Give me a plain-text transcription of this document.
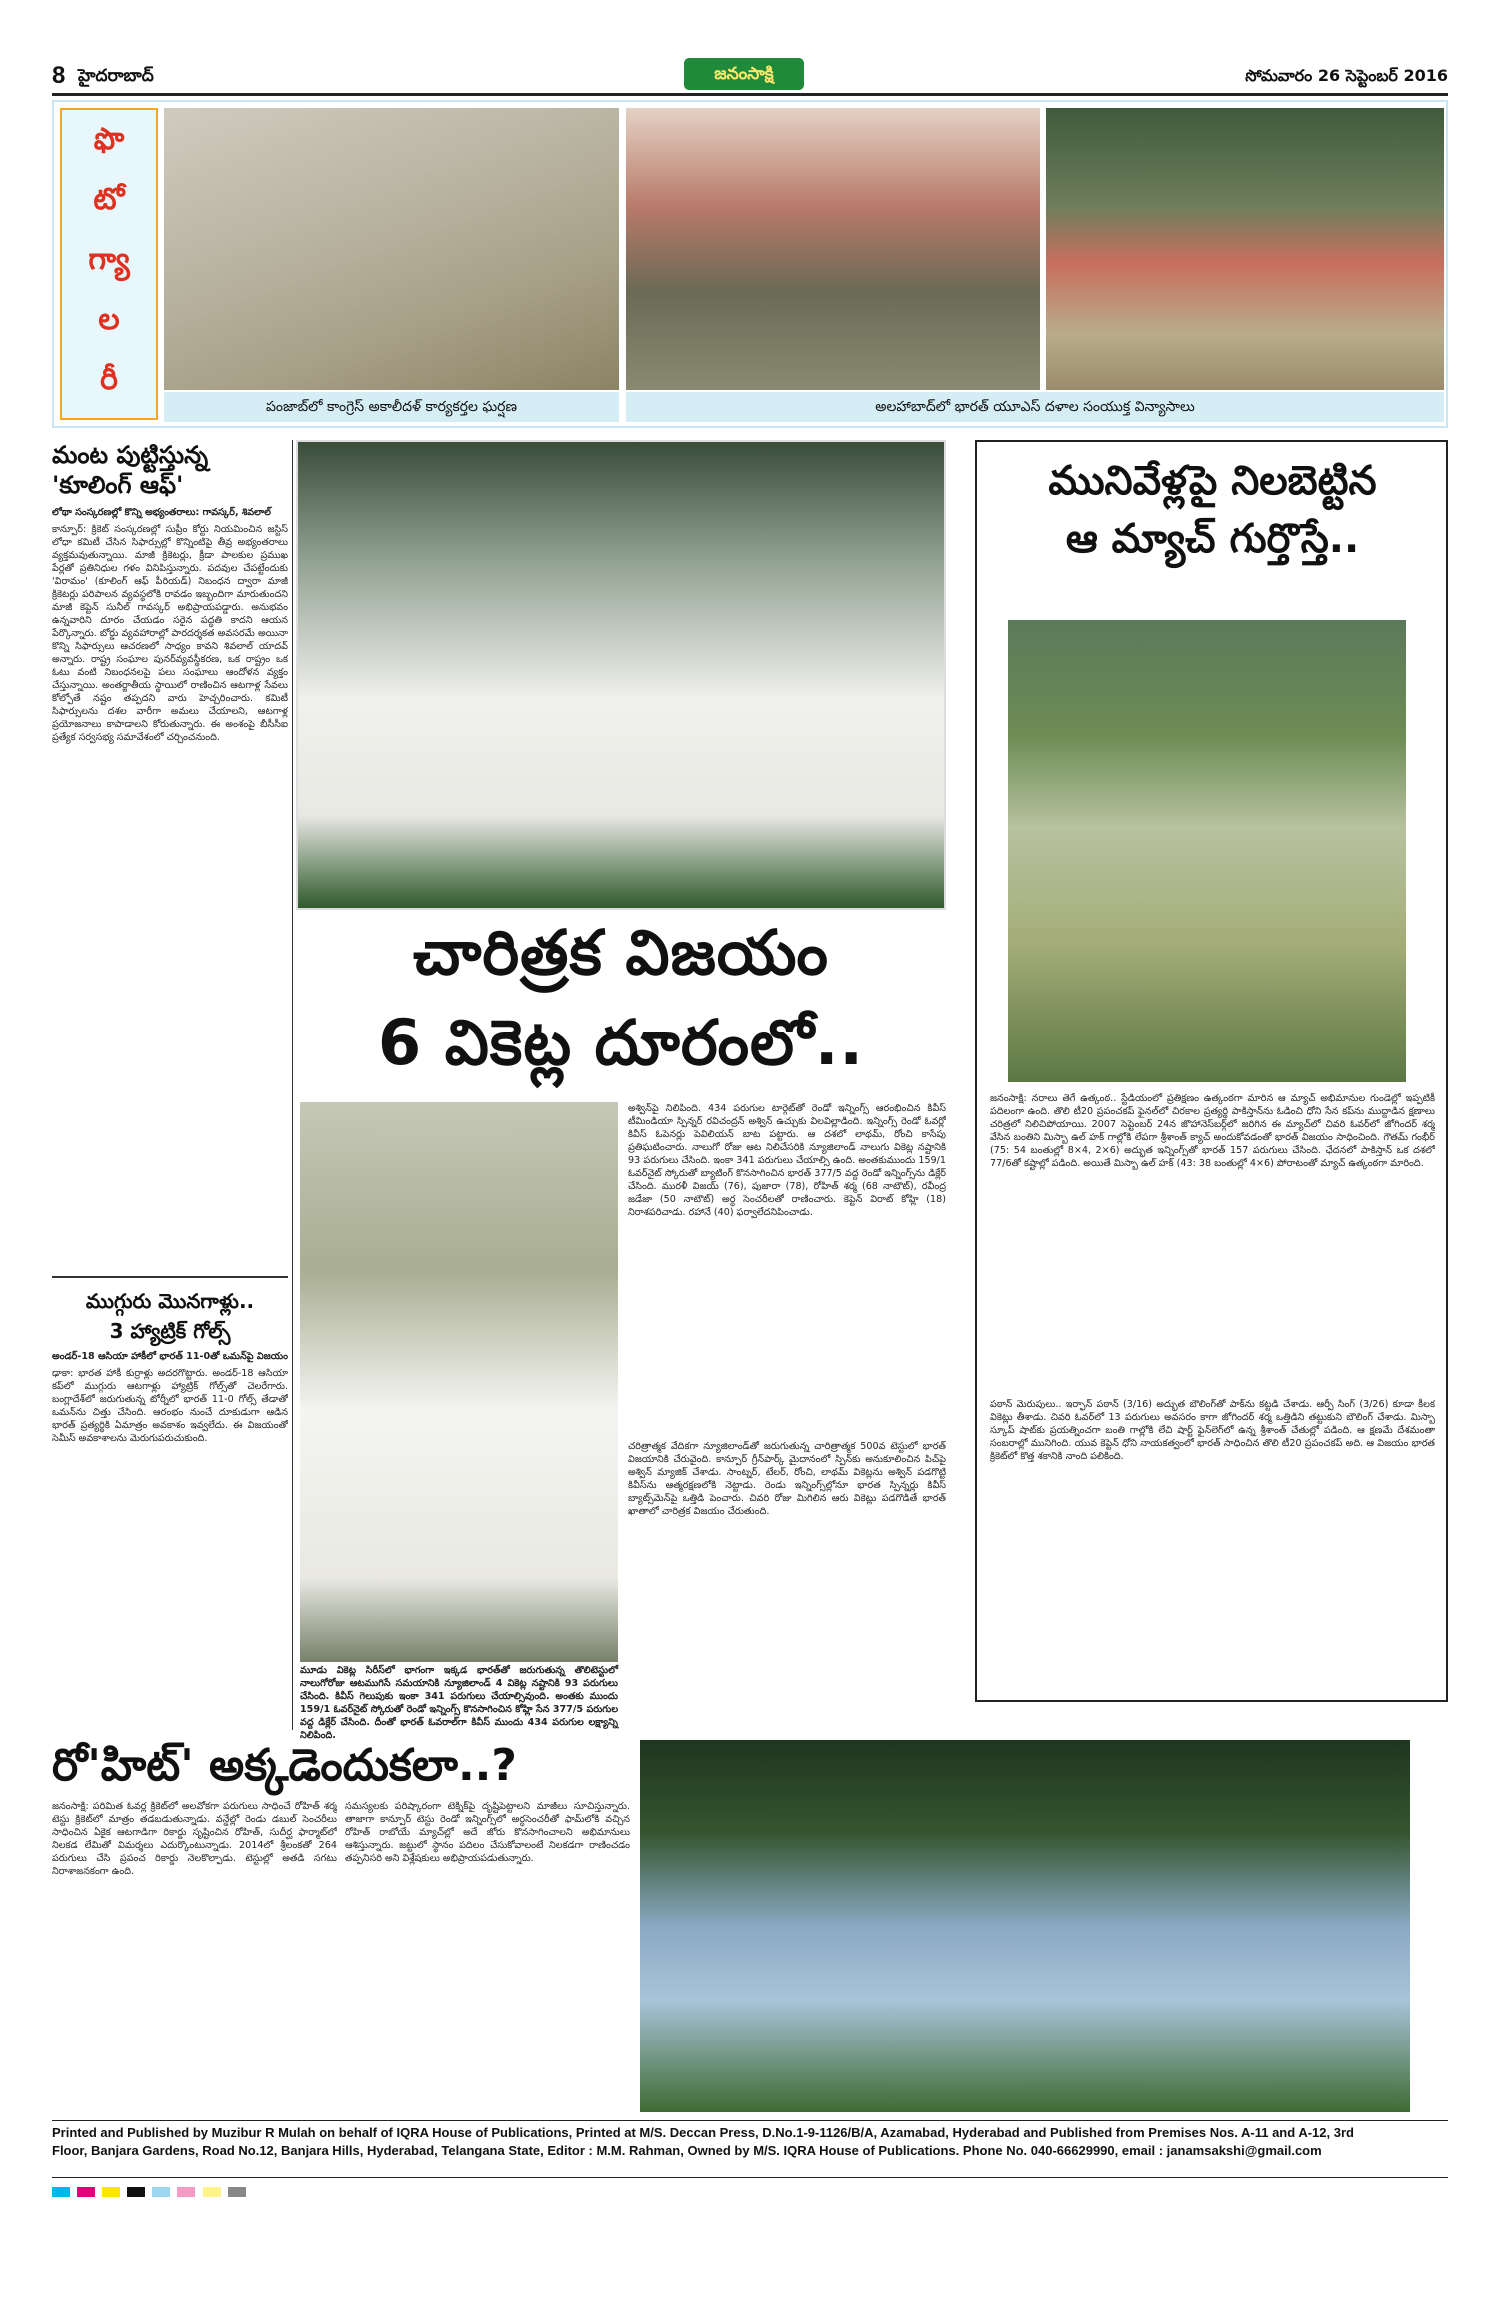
8 హైదరాబాద్	జనంసాక్షి	సోమవారం 26 సెప్టెంబర్ 2016
ఫొ
టో
గ్యా
ల
రీ
పంజాబ్‌లో కాంగ్రెస్ అకాలీదళ్ కార్యకర్తల ఘర్షణ	అలహాబాద్‌లో భారత్ యూఎస్ దళాల సంయుక్త విన్యాసాలు
మంట పుట్టిస్తున్న
'కూలింగ్ ఆఫ్'
లోథా సంస్కరణల్లో కొన్ని అభ్యంతరాలు: గావస్కర్, శివలాల్
కాన్పూర్: క్రికెట్ సంస్కరణల్లో సుప్రీం కోర్టు నియమించిన జస్టిస్ లోధా కమిటీ చేసిన సిఫార్సుల్లో కొన్నింటిపై తీవ్ర అభ్యంతరాలు వ్యక్తమవుతున్నాయి. మాజీ క్రికెటర్లు, క్రీడా పాలకుల ప్రముఖ పేర్లతో ప్రతినిధుల గళం వినిపిస్తున్నారు. పదవుల చేపట్టేందుకు 'విరామం' (కూలింగ్ ఆఫ్ పీరియడ్) నిబంధన ద్వారా మాజీ క్రికెటర్లు పరిపాలన వ్యవస్థలోకి రావడం ఇబ్బందిగా మారుతుందని మాజీ కెప్టెన్ సునీల్ గావస్కర్ అభిప్రాయపడ్డారు. అనుభవం ఉన్నవారిని దూరం చేయడం సరైన పద్ధతి కాదని ఆయన పేర్కొన్నారు. బోర్డు వ్యవహారాల్లో పారదర్శకత అవసరమే అయినా కొన్ని సిఫార్సులు ఆచరణలో సాధ్యం కావని శివలాల్ యాదవ్ అన్నారు. రాష్ట్ర సంఘాల పునర్‌వ్యవస్థీకరణ, ఒక రాష్ట్రం ఒక ఓటు వంటి నిబంధనలపై పలు సంఘాలు ఆందోళన వ్యక్తం చేస్తున్నాయి. అంతర్జాతీయ స్థాయిలో రాణించిన ఆటగాళ్ల సేవలు కోల్పోతే నష్టం తప్పదని వారు హెచ్చరించారు. కమిటీ సిఫార్సులను దశల వారీగా అమలు చేయాలని, ఆటగాళ్ల ప్రయోజనాలు కాపాడాలని కోరుతున్నారు. ఈ అంశంపై బీసీసీఐ ప్రత్యేక సర్వసభ్య సమావేశంలో చర్చించనుంది.
ముగ్గురు మొనగాళ్లు..
3 హ్యాట్రిక్ గోల్స్
అండర్-18 ఆసియా హాకీలో భారత్ 11-0తో ఒమన్‌పై విజయం
ఢాకా: భారత హాకీ కుర్రాళ్లు అదరగొట్టారు. అండర్-18 ఆసియా కప్‌లో ముగ్గురు ఆటగాళ్లు హ్యాట్రిక్ గోల్స్‌తో చెలరేగారు. బంగ్లాదేశ్‌లో జరుగుతున్న టోర్నీలో భారత్ 11-0 గోల్స్ తేడాతో ఒమన్‌ను చిత్తు చేసింది. ఆరంభం నుంచే దూకుడుగా ఆడిన భారత్ ప్రత్యర్థికి ఏమాత్రం అవకాశం ఇవ్వలేదు. ఈ విజయంతో సెమీస్ అవకాశాలను మెరుగుపరుచుకుంది.
చారిత్రక విజయం
6 వికెట్ల దూరంలో..
మూడు వికెట్ల సిరీస్‌లో భాగంగా ఇక్కడ భారత్‌తో జరుగుతున్న తొలిటెస్టులో నాలుగోరోజు ఆటముగిసే సమయానికి న్యూజిలాండ్ 4 వికెట్ల నష్టానికి 93 పరుగులు చేసింది. కివీస్ గెలుపుకు ఇంకా 341 పరుగులు చేయాల్సివుంది. అంతకు ముందు 159/1 ఓవర్‌నైట్ స్కోరుతో రెండో ఇన్నింగ్స్ కొనసాగించిన కోహ్లి సేన 377/5 పరుగుల వద్ద డిక్లేర్ చేసింది. దీంతో భారత్ ఓవరాల్‌గా కివీస్ ముందు 434 పరుగుల లక్ష్యాన్ని నిలిపింది.
అశ్విన్‌పై నిలిపింది. 434 పరుగుల టార్గెట్‌తో రెండో ఇన్నింగ్స్ ఆరంభించిన కివీస్ టీమిండియా స్పిన్నర్ రవిచంద్రన్ అశ్విన్ ఉచ్చుకు విలవిల్లాడింది. ఇన్నింగ్స్ రెండో ఓవర్లో కివీస్ ఓపెనర్లు పెవిలియన్ బాట పట్టారు. ఆ దశలో లాథమ్, రోంచి కాసేపు ప్రతిఘటించారు. నాలుగో రోజు ఆట నిలిచేసరికి న్యూజిలాండ్ నాలుగు వికెట్ల నష్టానికి 93 పరుగులు చేసింది. ఇంకా 341 పరుగులు చేయాల్సి ఉంది. అంతకుముందు 159/1 ఓవర్‌నైట్ స్కోరుతో బ్యాటింగ్ కొనసాగించిన భారత్ 377/5 వద్ద రెండో ఇన్నింగ్స్‌ను డిక్లేర్ చేసింది. మురళీ విజయ్ (76), పుజారా (78), రోహిత్ శర్మ (68 నాటౌట్), రవీంద్ర జడేజా (50 నాటౌట్) అర్ధ సెంచరీలతో రాణించారు. కెప్టెన్ విరాట్ కోహ్లి (18) నిరాశపరిచాడు. రహానే (40) ఫర్వాలేదనిపించాడు.
చరిత్రాత్మక వేదికగా న్యూజిలాండ్‌తో జరుగుతున్న చారిత్రాత్మక 500వ టెస్టులో భారత్ విజయానికి చేరువైంది. కాన్పూర్ గ్రీన్‌పార్క్ మైదానంలో స్పిన్‌కు అనుకూలించిన పిచ్‌పై అశ్విన్ మ్యాజిక్ చేశాడు. సాంట్నర్, టేలర్, రోంచి, లాథమ్ వికెట్లను అశ్విన్ పడగొట్టి కివీస్‌ను ఆత్మరక్షణలోకి నెట్టాడు. రెండు ఇన్నింగ్స్‌ల్లోనూ భారత స్పిన్నర్లు కివీస్ బ్యాట్స్‌మెన్‌పై ఒత్తిడి పెంచారు. చివరి రోజు మిగిలిన ఆరు వికెట్లు పడగొడితే భారత్ ఖాతాలో చారిత్రక విజయం చేరుతుంది.
మునివేళ్లపై నిలబెట్టిన
ఆ మ్యాచ్ గుర్తొస్తే..
జనంసాక్షి: నరాలు తెగే ఉత్కంఠ.. స్టేడియంలో ప్రతిక్షణం ఉత్కంఠగా మారిన ఆ మ్యాచ్ అభిమానుల గుండెల్లో ఇప్పటికీ పదిలంగా ఉంది. తొలి టీ20 ప్రపంచకప్ ఫైనల్‌లో చిరకాల ప్రత్యర్థి పాకిస్తాన్‌ను ఓడించి ధోని సేన కప్‌ను ముద్దాడిన క్షణాలు చరిత్రలో నిలిచిపోయాయి. 2007 సెప్టెంబర్ 24న జొహానెస్‌బర్గ్‌లో జరిగిన ఈ మ్యాచ్‌లో చివరి ఓవర్‌లో జోగిందర్ శర్మ వేసిన బంతిని మిస్బా ఉల్ హక్ గాల్లోకి లేపగా శ్రీశాంత్ క్యాచ్ అందుకోవడంతో భారత్ విజయం సాధించింది. గౌతమ్ గంభీర్ (75: 54 బంతుల్లో 8×4, 2×6) అద్భుత ఇన్నింగ్స్‌తో భారత్ 157 పరుగులు చేసింది. ఛేదనలో పాకిస్తాన్ ఒక దశలో 77/6తో కష్టాల్లో పడింది. అయితే మిస్బా ఉల్ హక్ (43: 38 బంతుల్లో 4×6) పోరాటంతో మ్యాచ్ ఉత్కంఠగా మారింది.
పఠాన్ మెరుపులు.. ఇర్ఫాన్ పఠాన్ (3/16) అద్భుత బౌలింగ్‌తో పాక్‌ను కట్టడి చేశాడు. ఆర్పీ సింగ్ (3/26) కూడా కీలక వికెట్లు తీశాడు. చివరి ఓవర్‌లో 13 పరుగులు అవసరం కాగా జోగిందర్ శర్మ ఒత్తిడిని తట్టుకుని బౌలింగ్ చేశాడు. మిస్బా స్కూప్ షాట్‌కు ప్రయత్నించగా బంతి గాల్లోకి లేచి షార్ట్ ఫైన్‌లెగ్‌లో ఉన్న శ్రీశాంత్ చేతుల్లో పడింది. ఆ క్షణమే దేశమంతా సంబరాల్లో మునిగింది. యువ కెప్టెన్ ధోని నాయకత్వంలో భారత్ సాధించిన తొలి టీ20 ప్రపంచకప్ అది. ఆ విజయం భారత క్రికెట్‌లో కొత్త శకానికి నాంది పలికింది.
రో'హిట్' అక్కడెందుకలా..?
జనంసాక్షి: పరిమిత ఓవర్ల క్రికెట్‌లో అలవోకగా పరుగులు సాధించే రోహిత్ శర్మ టెస్టు క్రికెట్‌లో మాత్రం తడబడుతున్నాడు. వన్డేల్లో రెండు డబుల్ సెంచరీలు సాధించిన ఏకైక ఆటగాడిగా రికార్డు సృష్టించిన రోహిత్, సుదీర్ఘ ఫార్మాట్‌లో నిలకడ లేమితో విమర్శలు ఎదుర్కొంటున్నాడు. 2014లో శ్రీలంకతో 264 పరుగులు చేసి ప్రపంచ రికార్డు నెలకొల్పాడు. టెస్టుల్లో అతడి సగటు నిరాశాజనకంగా ఉంది.
సమస్యలకు పరిష్కారంగా టెక్నిక్‌పై దృష్టిపెట్టాలని మాజీలు సూచిస్తున్నారు. తాజాగా కాన్పూర్ టెస్టు రెండో ఇన్నింగ్స్‌లో అర్ధసెంచరీతో ఫామ్‌లోకి వచ్చిన రోహిత్ రాబోయే మ్యాచ్‌ల్లో అదే జోరు కొనసాగించాలని అభిమానులు ఆశిస్తున్నారు. జట్టులో స్థానం పదిలం చేసుకోవాలంటే నిలకడగా రాణించడం తప్పనిసరి అని విశ్లేషకులు అభిప్రాయపడుతున్నారు.
Printed and Published by Muzibur R Mulah on behalf of IQRA House of Publications, Printed at M/S. Deccan Press, D.No.1-9-1126/B/A, Azamabad, Hyderabad and Published from Premises Nos. A-11 and A-12, 3rd
Floor, Banjara Gardens, Road No.12, Banjara Hills, Hyderabad, Telangana State, Editor : M.M. Rahman, Owned by M/S. IQRA House of Publications. Phone No. 040-66629990, email : janamsakshi@gmail.com
